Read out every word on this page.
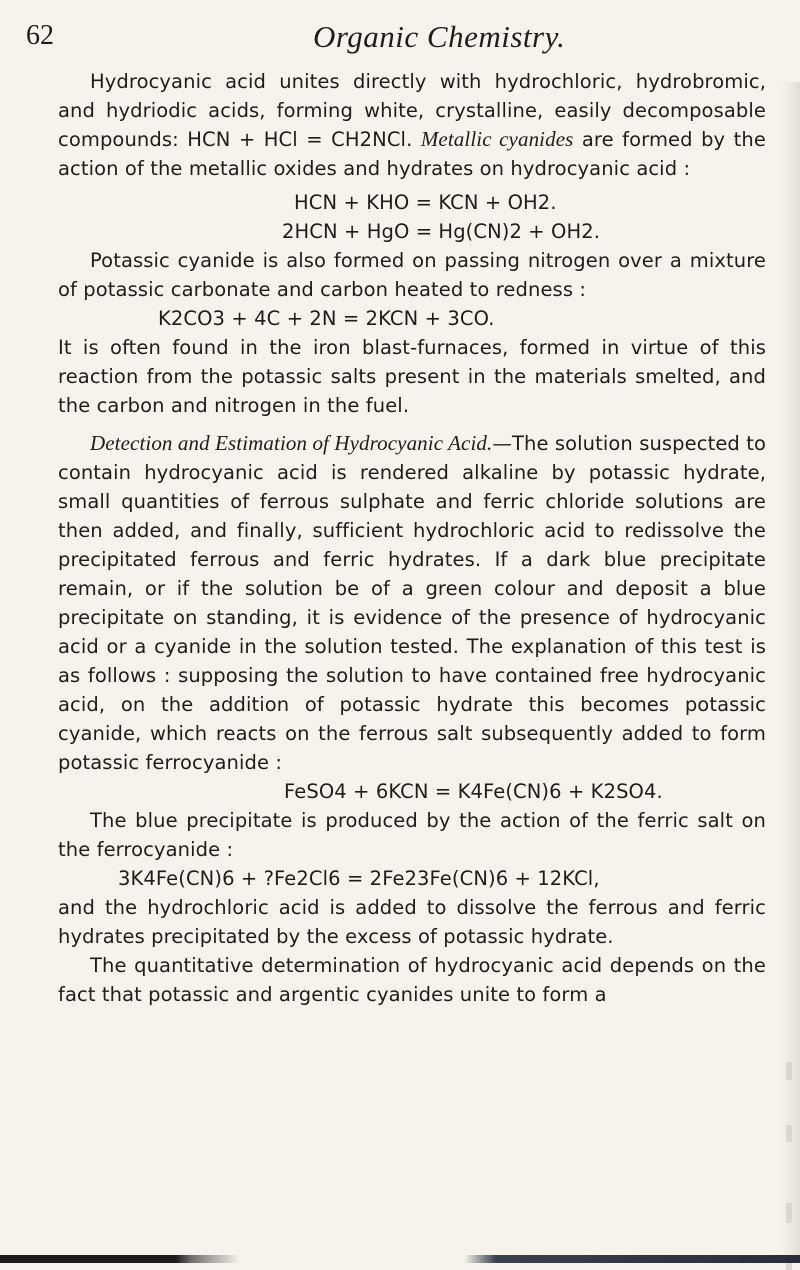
62	Organic Chemistry.

Hydrocyanic acid unites directly with hydrochloric, hydrobromic, and hydriodic acids, forming white, crystalline, easily decomposable compounds: HCN + HCl = CH2NCl. Metallic cyanides are formed by the action of the metallic oxides and hydrates on hydrocyanic acid :

HCN + KHO = KCN + OH2.

2HCN + HgO = Hg(CN)2 + OH2.

Potassic cyanide is also formed on passing nitrogen over a mixture of potassic carbonate and carbon heated to redness :

K2CO3 + 4C + 2N = 2KCN + 3CO.

It is often found in the iron blast-furnaces, formed in virtue of this reaction from the potassic salts present in the materials smelted, and the carbon and nitrogen in the fuel.

Detection and Estimation of Hydrocyanic Acid.—The solution suspected to contain hydrocyanic acid is rendered alkaline by potassic hydrate, small quantities of ferrous sulphate and ferric chloride solutions are then added, and finally, sufficient hydrochloric acid to redissolve the precipitated ferrous and ferric hydrates. If a dark blue precipitate remain, or if the solution be of a green colour and deposit a blue precipitate on standing, it is evidence of the presence of hydrocyanic acid or a cyanide in the solution tested. The explanation of this test is as follows : supposing the solution to have contained free hydrocyanic acid, on the addition of potassic hydrate this becomes potassic cyanide, which reacts on the ferrous salt subsequently added to form potassic ferrocyanide :

FeSO4 + 6KCN = K4Fe(CN)6 + K2SO4.

The blue precipitate is produced by the action of the ferric salt on the ferrocyanide :

3K4Fe(CN)6 + ?Fe2Cl6 = 2Fe23Fe(CN)6 + 12KCl,

and the hydrochloric acid is added to dissolve the ferrous and ferric hydrates precipitated by the excess of potassic hydrate.

The quantitative determination of hydrocyanic acid depends on the fact that potassic and argentic cyanides unite to form a
